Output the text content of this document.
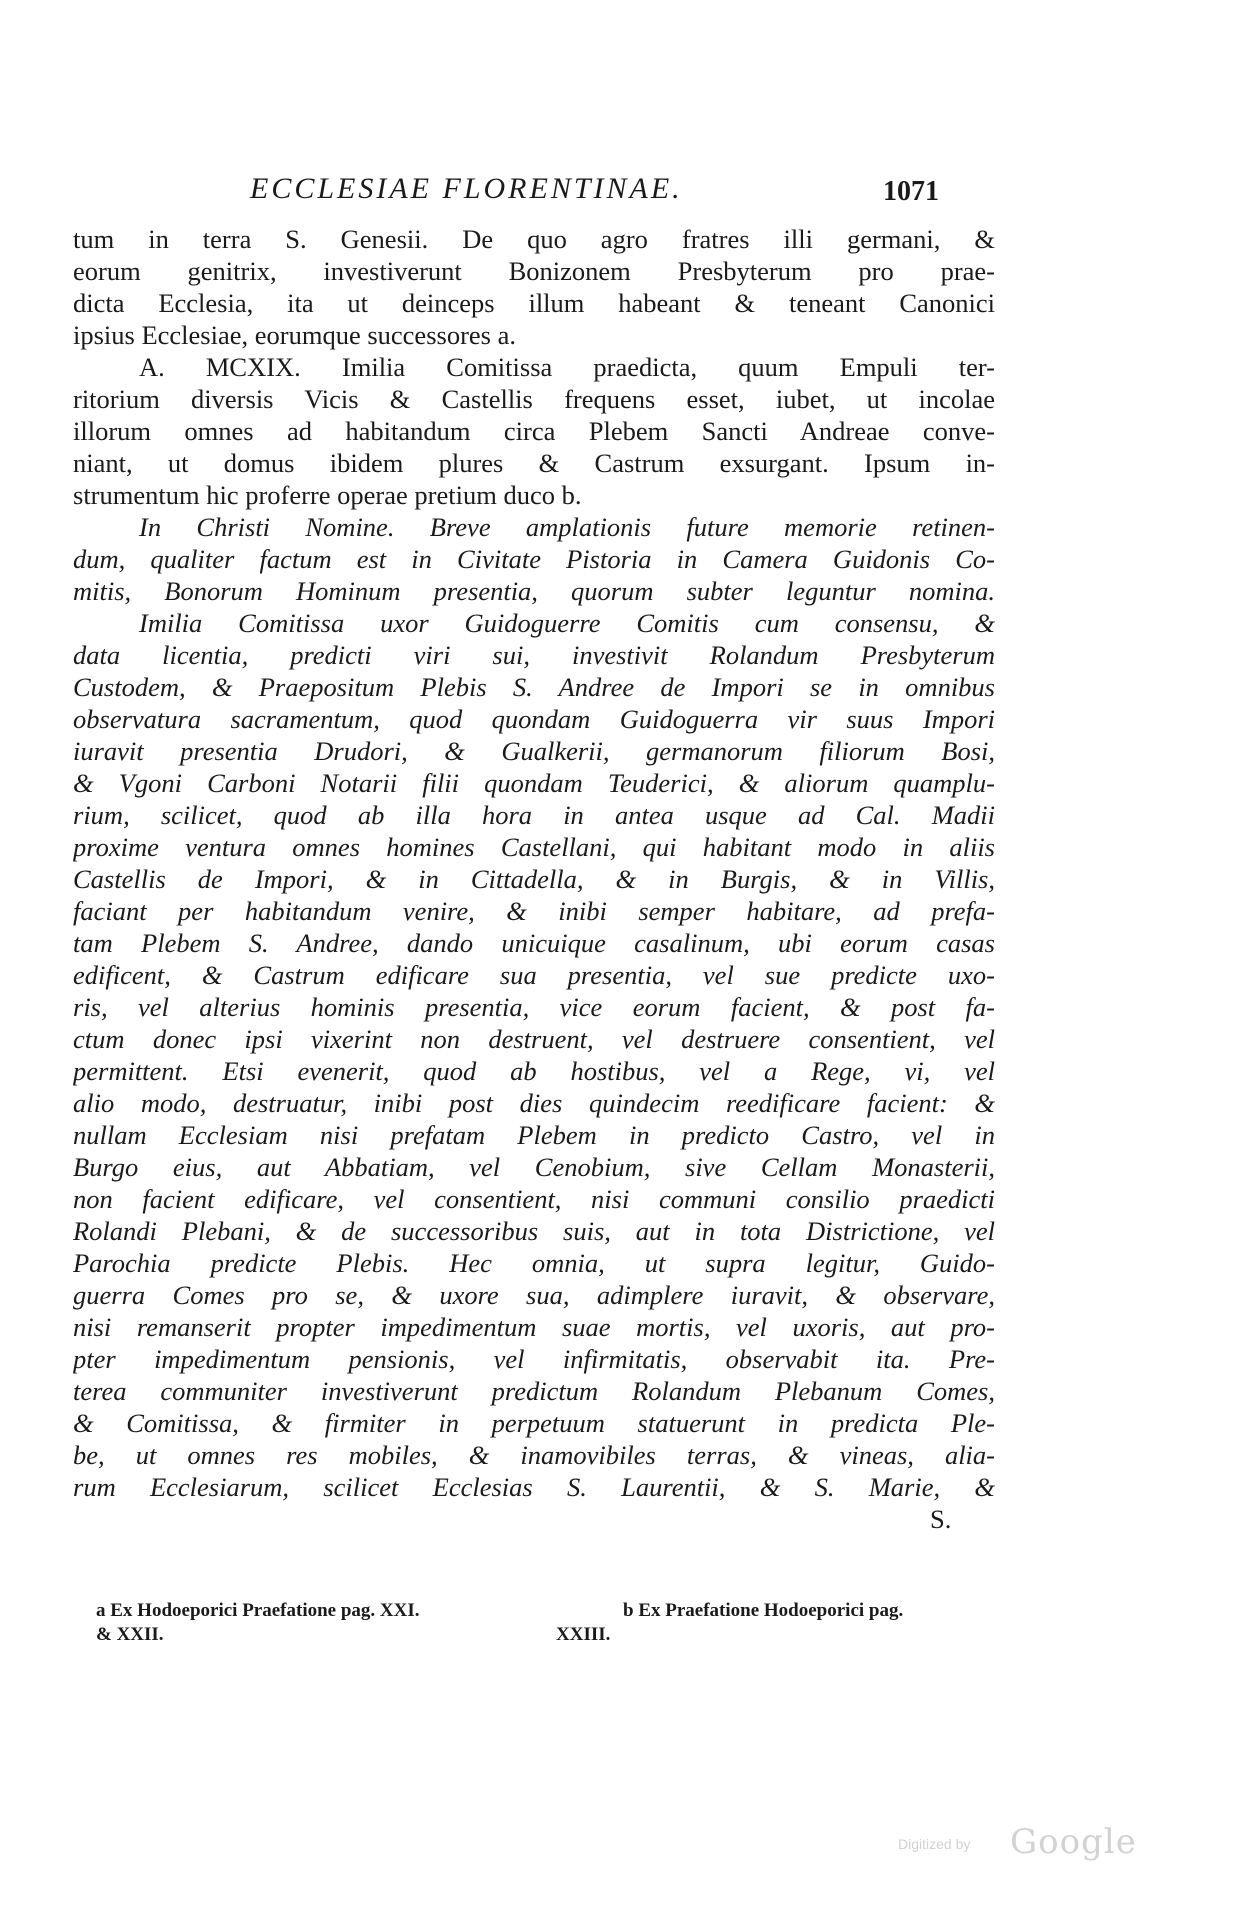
ECCLESIAE FLORENTINAE.	1071
tum in terra S. Genesii. De quo agro fratres illi germani, &
eorum genitrix, investiverunt Bonizonem Presbyterum pro prae-
dicta Ecclesia, ita ut deinceps illum habeant & teneant Canonici
ipsius Ecclesiae, eorumque successores a.
A. MCXIX. Imilia Comitissa praedicta, quum Empuli ter-
ritorium diversis Vicis & Castellis frequens esset, iubet, ut incolae
illorum omnes ad habitandum circa Plebem Sancti Andreae conve-
niant, ut domus ibidem plures & Castrum exsurgant. Ipsum in-
strumentum hic proferre operae pretium duco b.
In Christi Nomine. Breve amplationis future memorie retinen-
dum, qualiter factum est in Civitate Pistoria in Camera Guidonis Co-
mitis, Bonorum Hominum presentia, quorum subter leguntur nomina.
Imilia Comitissa uxor Guidoguerre Comitis cum consensu, &
data licentia, predicti viri sui, investivit Rolandum Presbyterum
Custodem, & Praepositum Plebis S. Andree de Impori se in omnibus
observatura sacramentum, quod quondam Guidoguerra vir suus Impori
iuravit presentia Drudori, & Gualkerii, germanorum filiorum Bosi,
& Vgoni Carboni Notarii filii quondam Teuderici, & aliorum quamplu-
rium, scilicet, quod ab illa hora in antea usque ad Cal. Madii
proxime ventura omnes homines Castellani, qui habitant modo in aliis
Castellis de Impori, & in Cittadella, & in Burgis, & in Villis,
faciant per habitandum venire, & inibi semper habitare, ad prefa-
tam Plebem S. Andree, dando unicuique casalinum, ubi eorum casas
edificent, & Castrum edificare sua presentia, vel sue predicte uxo-
ris, vel alterius hominis presentia, vice eorum facient, & post fa-
ctum donec ipsi vixerint non destruent, vel destruere consentient, vel
permittent. Etsi evenerit, quod ab hostibus, vel a Rege, vi, vel
alio modo, destruatur, inibi post dies quindecim reedificare facient: &
nullam Ecclesiam nisi prefatam Plebem in predicto Castro, vel in
Burgo eius, aut Abbatiam, vel Cenobium, sive Cellam Monasterii,
non facient edificare, vel consentient, nisi communi consilio praedicti
Rolandi Plebani, & de successoribus suis, aut in tota Districtione, vel
Parochia predicte Plebis. Hec omnia, ut supra legitur, Guido-
guerra Comes pro se, & uxore sua, adimplere iuravit, & observare,
nisi remanserit propter impedimentum suae mortis, vel uxoris, aut pro-
pter impedimentum pensionis, vel infirmitatis, observabit ita. Pre-
terea communiter investiverunt predictum Rolandum Plebanum Comes,
& Comitissa, & firmiter in perpetuum statuerunt in predicta Ple-
be, ut omnes res mobiles, & inamovibiles terras, & vineas, alia-
rum Ecclesiarum, scilicet Ecclesias S. Laurentii, & S. Marie, &
S.
a Ex Hodoeporici Praefatione pag. XXI.
& XXII.
b Ex Praefatione Hodoeporici pag.
XXIII.
Digitized by Google
